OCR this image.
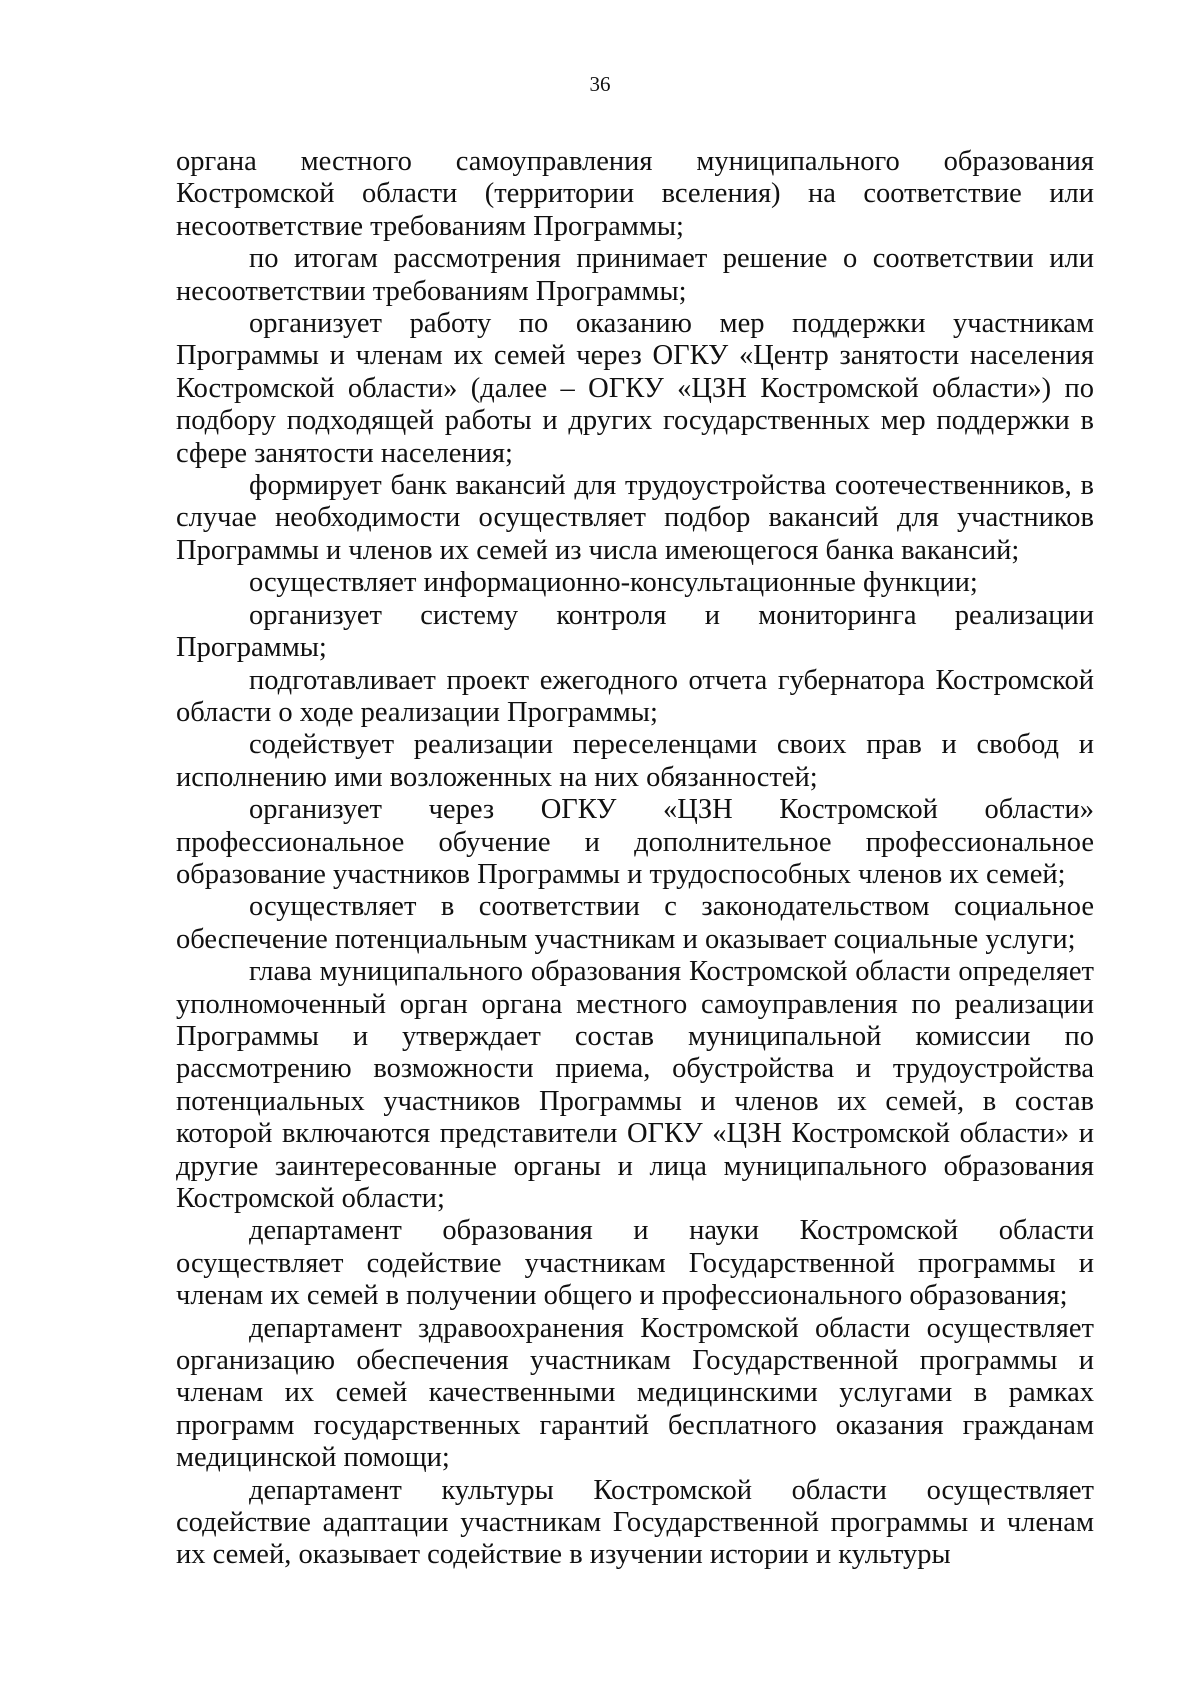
36

органа местного самоуправления муниципального образования Костромской области (территории вселения) на соответствие или несоответствие требованиям Программы;

по итогам рассмотрения принимает решение о соответствии или несоответствии требованиям Программы;

организует работу по оказанию мер поддержки участникам Программы и членам их семей через ОГКУ «Центр занятости населения Костромской области» (далее – ОГКУ «ЦЗН Костромской области») по подбору подходящей работы и других государственных мер поддержки в сфере занятости населения;

формирует банк вакансий для трудоустройства соотечественников, в случае необходимости осуществляет подбор вакансий для участников Программы и членов их семей из числа имеющегося банка вакансий;

осуществляет информационно-консультационные функции;

организует систему контроля и мониторинга реализации Программы;

подготавливает проект ежегодного отчета губернатора Костромской области о ходе реализации Программы;

содействует реализации переселенцами своих прав и свобод и исполнению ими возложенных на них обязанностей;

организует через ОГКУ «ЦЗН Костромской области» профессиональное обучение и дополнительное профессиональное образование участников Программы и трудоспособных членов их семей;

осуществляет в соответствии с законодательством социальное обеспечение потенциальным участникам и оказывает социальные услуги;

глава муниципального образования Костромской области определяет уполномоченный орган органа местного самоуправления по реализации Программы и утверждает состав муниципальной комиссии по рассмотрению возможности приема, обустройства и трудоустройства потенциальных участников Программы и членов их семей, в состав которой включаются представители ОГКУ «ЦЗН Костромской области» и другие заинтересованные органы и лица муниципального образования Костромской области;

департамент образования и науки Костромской области осуществляет содействие участникам Государственной программы и членам их семей в получении общего и профессионального образования;

департамент здравоохранения Костромской области осуществляет организацию обеспечения участникам Государственной программы и членам их семей качественными медицинскими услугами в рамках программ государственных гарантий бесплатного оказания гражданам медицинской помощи;

департамент культуры Костромской области осуществляет содействие адаптации участникам Государственной программы и членам их семей, оказывает содействие в изучении истории и культуры
